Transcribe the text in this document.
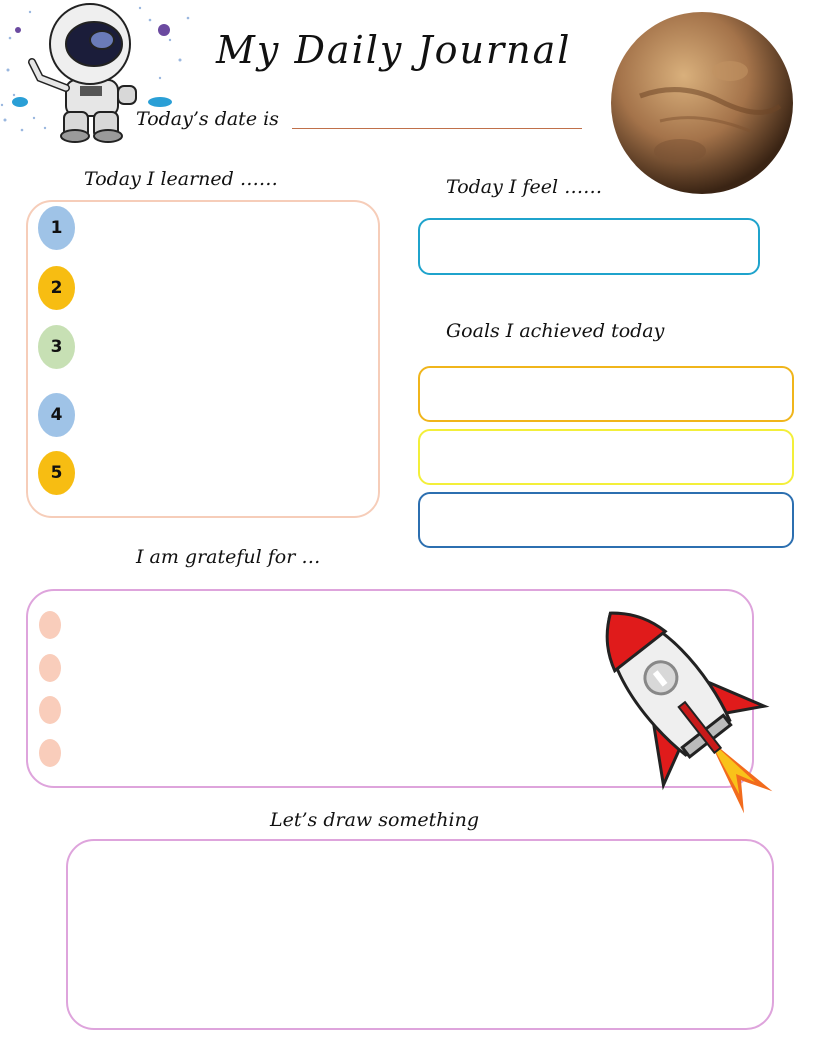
My Daily Journal
Today’s date is
Today I learned ……
1
2
3
4
5
Today I feel ……
Goals I achieved today
I am grateful for …
Let’s draw something
